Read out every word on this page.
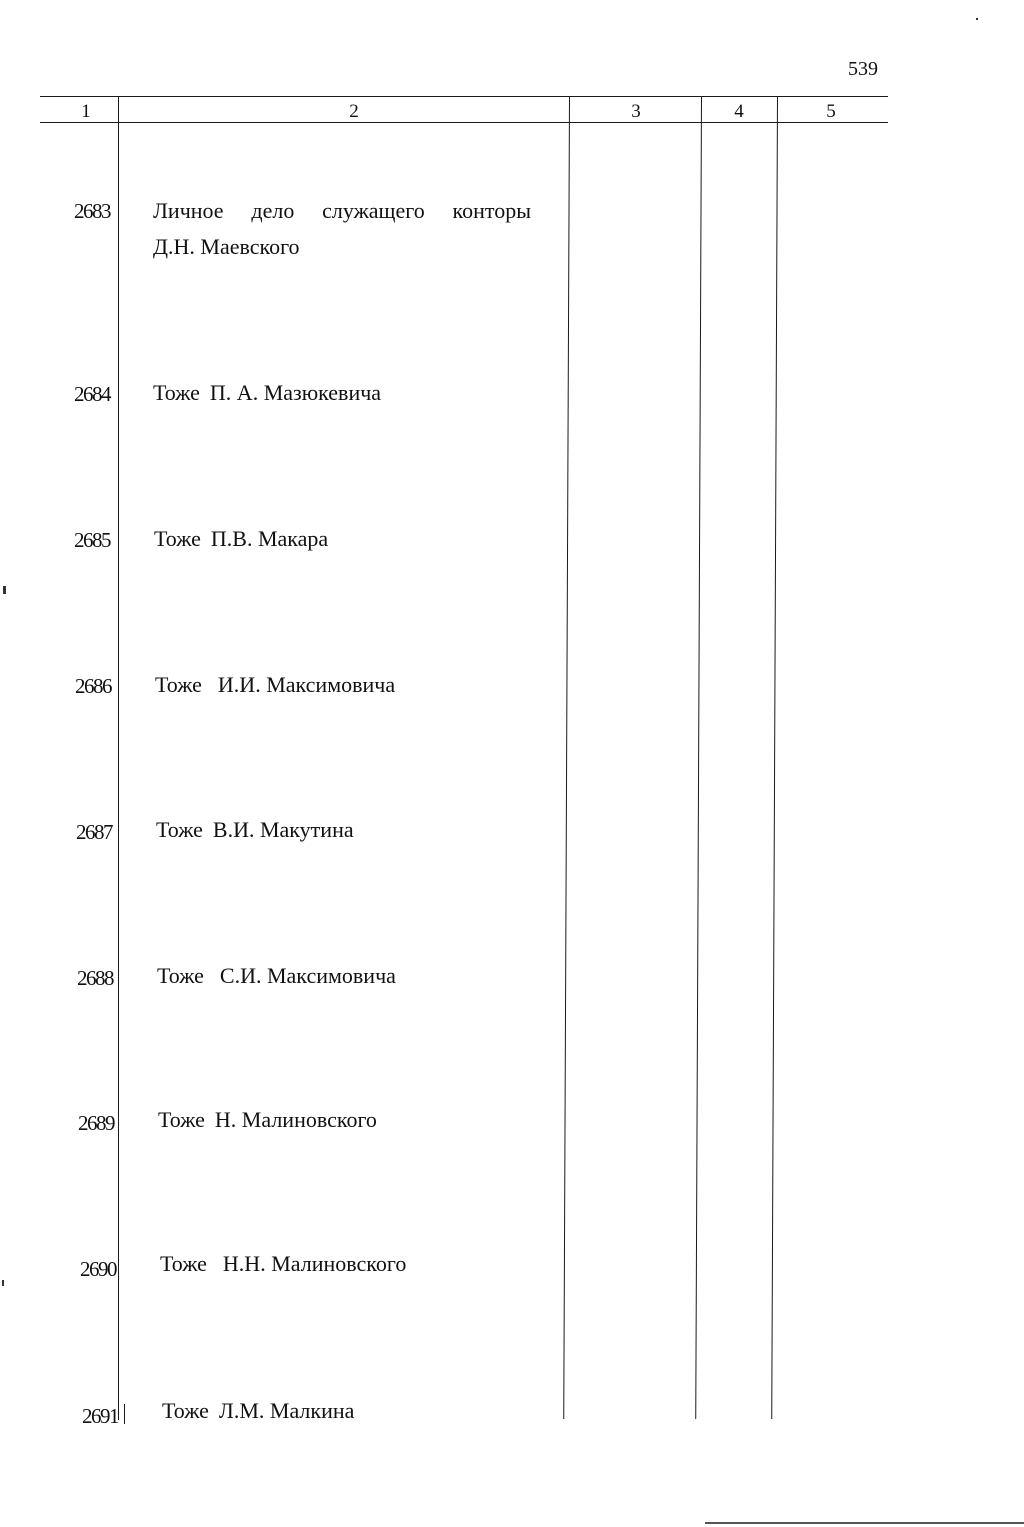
539
1	2	3	4	5
2683 Личное дело служащего конторы
Д.Н. Маевского
2684 Тоже П. А. Мазюкевича
2685 Тоже П.В. Макара
2686 Тоже И.И. Максимовича
2687 Тоже В.И. Макутина
2688 Тоже С.И. Максимовича
2689 Тоже Н. Малиновского
2690 Тоже Н.Н. Малиновского
2691 Тоже Л.М. Малкина
